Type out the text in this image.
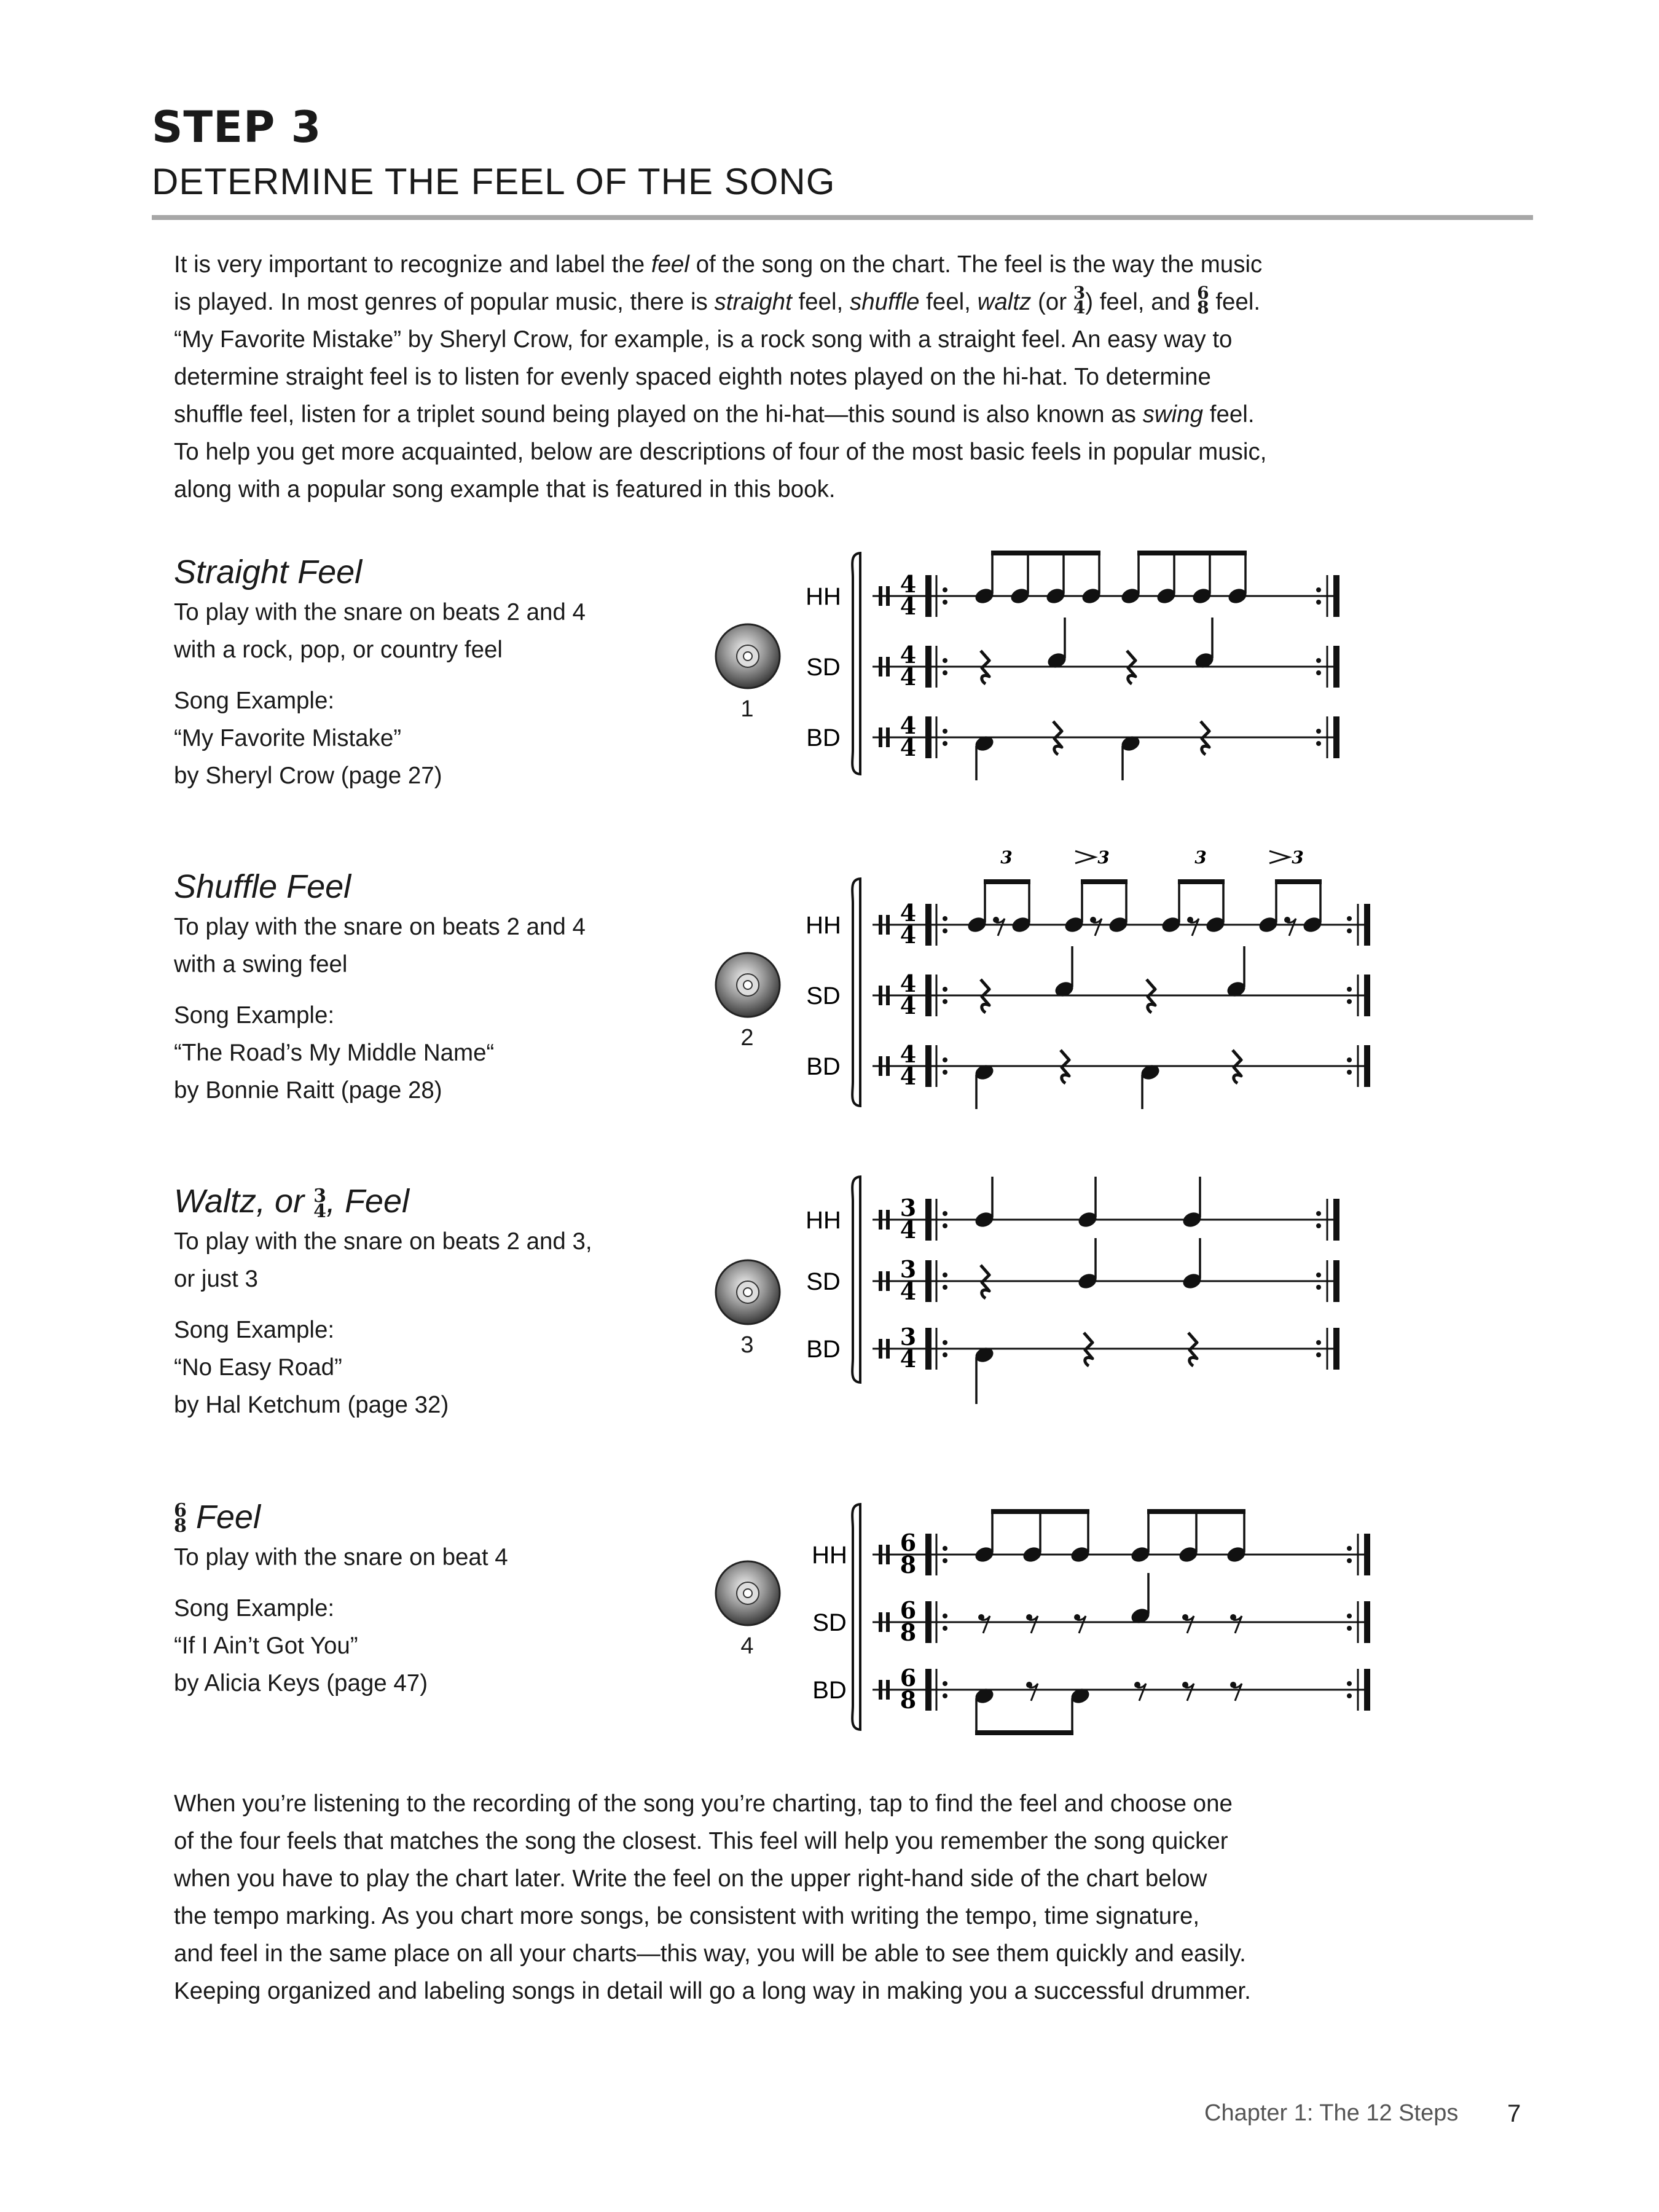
STEP 3
DETERMINE THE FEEL OF THE SONG

It is very important to recognize and label the feel of the song on the chart. The feel is the way the music

is played. In most genres of popular music, there is straight feel, shuffle feel, waltz (or 3
4 ) feel, and 6
8 feel.

“My Favorite Mistake” by Sheryl Crow, for example, is a rock song with a straight feel. An easy way to

determine straight feel is to listen for evenly spaced eighth notes played on the hi-hat. To determine

shuffle feel, listen for a triplet sound being played on the hi-hat—this sound is also known as swing feel.

To help you get more acquainted, below are descriptions of four of the most basic feels in popular music,

along with a popular song example that is featured in this book.

Straight Feel
To play with the snare on beats 2 and 4
with a rock, pop, or country feel
Song Example:
“My Favorite Mistake”
by Sheryl Crow (page 27)
Shuffle Feel
To play with the snare on beats 2 and 4
with a swing feel
Song Example:
“The Road’s My Middle Name“
by Bonnie Raitt (page 28)
Waltz, or 3
4 , Feel
To play with the snare on beats 2 and 3,
or just 3
Song Example:
“No Easy Road”
by Hal Ketchum (page 32)
6
8 Feel
To play with the snare on beat 4
Song Example:
“If I Ain’t Got You”
by Alicia Keys (page 47)
1
2
3
4
HH	4
4
SD	4
4
BD	4
4
HH	4
4
SD	4
4
BD	4
4
3	3	3	3
HH	3
4
SD	3
4
BD	3
4
HH 6
8
SD 6
8
BD 6
8

When you’re listening to the recording of the song you’re charting, tap to find the feel and choose one

of the four feels that matches the song the closest. This feel will help you remember the song quicker

when you have to play the chart later. Write the feel on the upper right-hand side of the chart below

the tempo marking. As you chart more songs, be consistent with writing the tempo, time signature,

and feel in the same place on all your charts—this way, you will be able to see them quickly and easily.

Keeping organized and labeling songs in detail will go a long way in making you a successful drummer.

Chapter 1: The 12 Steps 7
